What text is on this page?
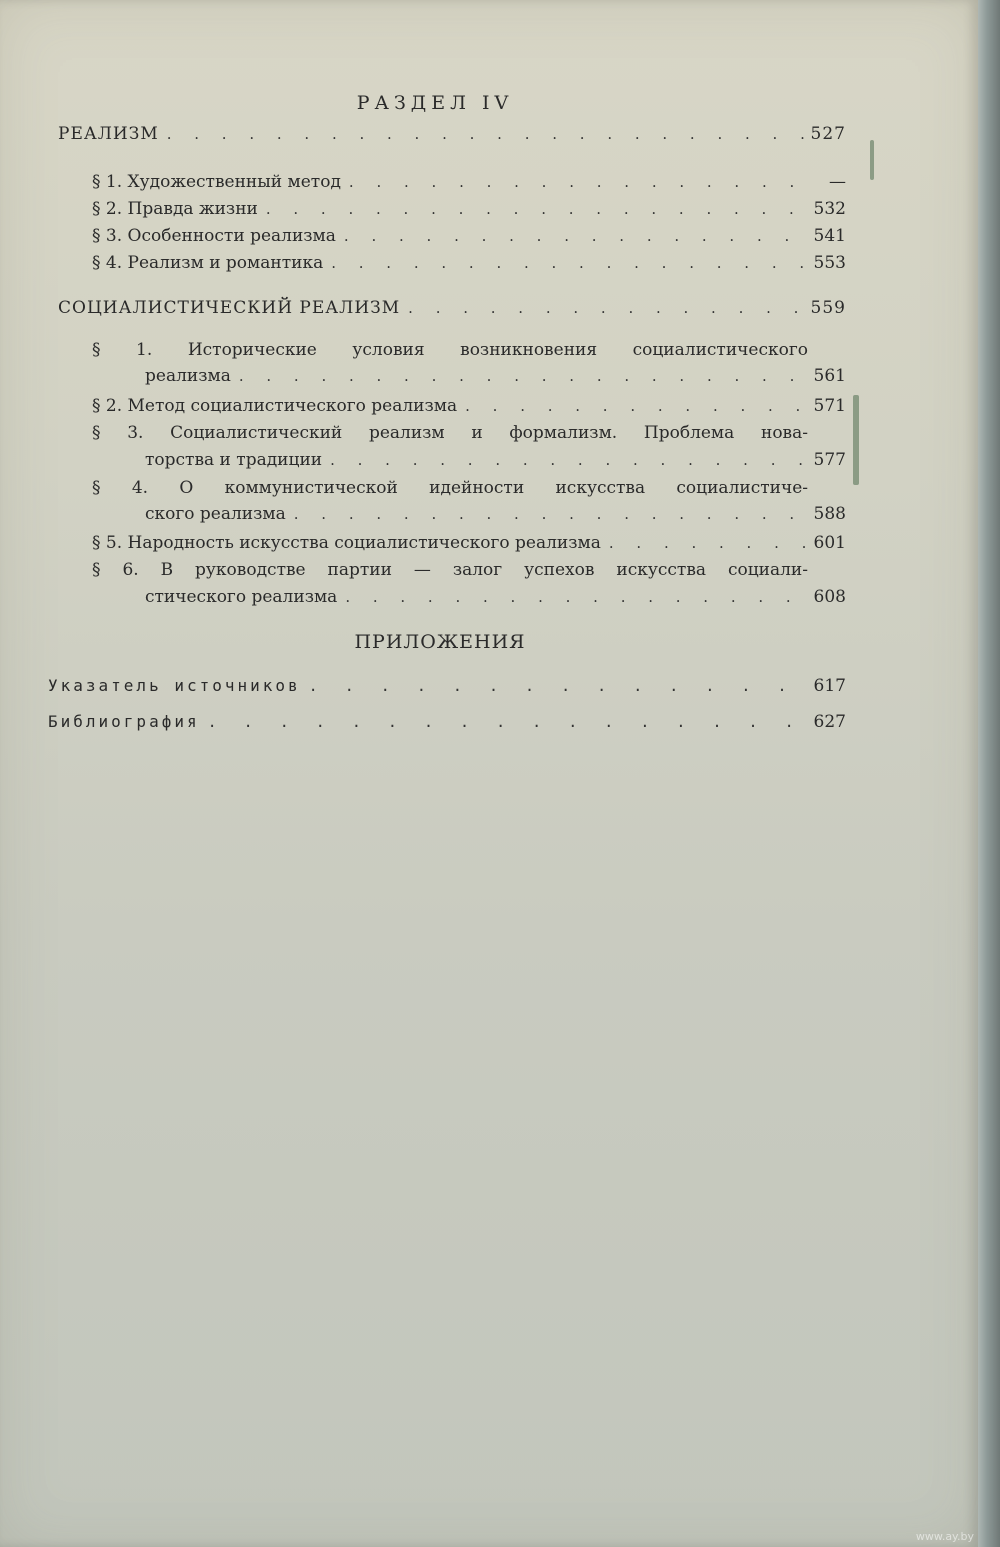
РАЗДЕЛ IV
РЕАЛИЗМ . . .	527
§ 1. Художественный метод . . .	—
§ 2. Правда жизни . . .	532
§ 3. Особенности реализма . . .	541
§ 4. Реализм и романтика . . .	553
СОЦИАЛИСТИЧЕСКИЙ РЕАЛИЗМ . . .	559
§ 1. Исторические условия возникновения социалистического
реализма . . .	561
§ 2. Метод социалистического реализма . . .	571
§ 3. Социалистический реализм и формализм. Проблема нова-
торства и традиции . . .	577
§ 4. О коммунистической идейности искусства социалистиче-
ского реализма . . .	588
§ 5. Народность искусства социалистического реализма . . .	601
§ 6. В руководстве партии — залог успехов искусства социали-
стического реализма . . .	608
ПРИЛОЖЕНИЯ
Указатель источников . . .	617
Библиография . . .	627
www.ay.by
